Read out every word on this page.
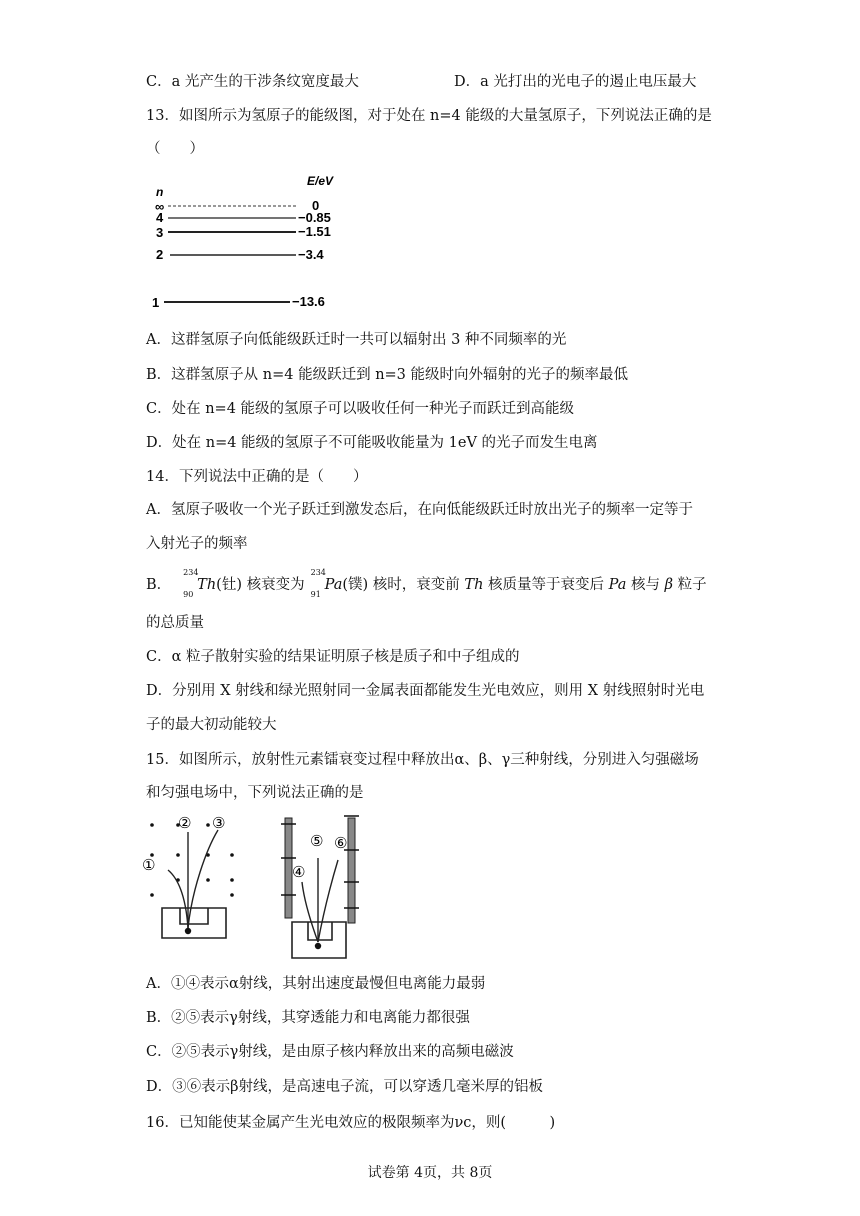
C．a 光产生的干涉条纹宽度最大	D．a 光打出的光电子的遏止电压最大
13．如图所示为氢原子的能级图，对于处在 n=4 能级的大量氢原子，下列说法正确的是
（　　）
n
E/eV
∞	0
4	−0.85
3	−1.51
2	−3.4
1	−13.6
A．这群氢原子向低能级跃迁时一共可以辐射出 3 种不同频率的光
B．这群氢原子从 n=4 能级跃迁到 n=3 能级时向外辐射的光子的频率最低
C．处在 n=4 能级的氢原子可以吸收任何一种光子而跃迁到高能级
D．处在 n=4 能级的氢原子不可能吸收能量为 1eV 的光子而发生电离
14．下列说法中正确的是（　　）
A．氢原子吸收一个光子跃迁到激发态后，在向低能级跃迁时放出光子的频率一定等于
入射光子的频率
B．
234
90
Th(钍) 核衰变为
234
91
Pa(镤) 核时，衰变前 Th 核质量等于衰变后 Pa 核与 β 粒子
的总质量
C．α 粒子散射实验的结果证明原子核是质子和中子组成的
D．分别用 X 射线和绿光照射同一金属表面都能发生光电效应，则用 X 射线照射时光电
子的最大初动能较大
15．如图所示，放射性元素镭衰变过程中释放出α、β、γ三种射线，分别进入匀强磁场
和匀强电场中，下列说法正确的是
①
② ③
④
⑤ ⑥
A．①④表示α射线，其射出速度最慢但电离能力最弱
B．②⑤表示γ射线，其穿透能力和电离能力都很强
C．②⑤表示γ射线，是由原子核内释放出来的高频电磁波
D．③⑥表示β射线，是高速电子流，可以穿透几毫米厚的铝板
16．已知能使某金属产生光电效应的极限频率为νc，则(　　　)
试卷第 4页，共 8页
